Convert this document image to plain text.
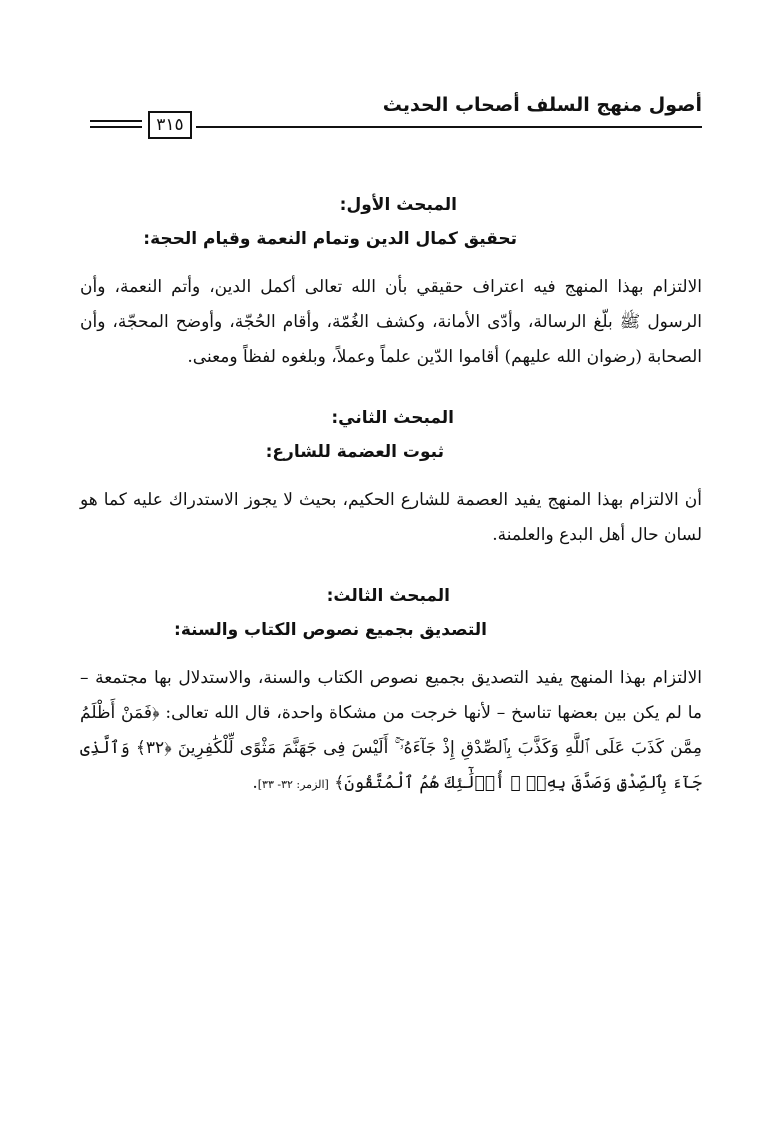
أصول منهج السلف أصحاب الحديث
٣١٥
المبحث الأول:
تحقيق كمال الدين وتمام النعمة وقيام الحجة:

الالتزام بهذا المنهج فيه اعتراف حقيقي بأن الله تعالى أكمل الدين، وأتم النعمة، وأن الرسول ﷺ بلّغ الرسالة، وأدّى الأمانة، وكشف الغُمّة، وأقام الحُجّة، وأوضح المحجّة، وأن الصحابة (رضوان الله عليهم) أقاموا الدّين علماً وعملاً، وبلغوه لفظاً ومعنى.

المبحث الثاني:
ثبوت العضمة للشارع:

أن الالتزام بهذا المنهج يفيد العصمة للشارع الحكيم، بحيث لا يجوز الاستدراك عليه كما هو لسان حال أهل البدع والعلمنة.

المبحث الثالث:
التصديق بجميع نصوص الكتاب والسنة:

الالتزام بهذا المنهج يفيد التصديق بجميع نصوص الكتاب والسنة، والاستدلال بها مجتمعة – ما لم يكن بين بعضها تناسخ – لأنها خرجت من مشكاة واحدة، قال الله تعالى: ﴿فَمَنْ أَظْلَمُ مِمَّن كَذَبَ عَلَى ٱللَّهِ وَكَذَّبَ بِٱلصِّدْقِ إِذْ جَآءَهُۥٓ ۚ أَلَيْسَ فِى جَهَنَّمَ مَثْوًى لِّلْكَٰفِرِينَ ﴿٣٢﴾ وَٱلَّذِى جَآءَ بِٱلصِّدْقِ وَصَدَّقَ بِهِۦٓ ۙ أُو۟لَٰٓئِكَ هُمُ ٱلْمُتَّقُونَ﴾ [الزمر: ٣٢- ٣٣].
